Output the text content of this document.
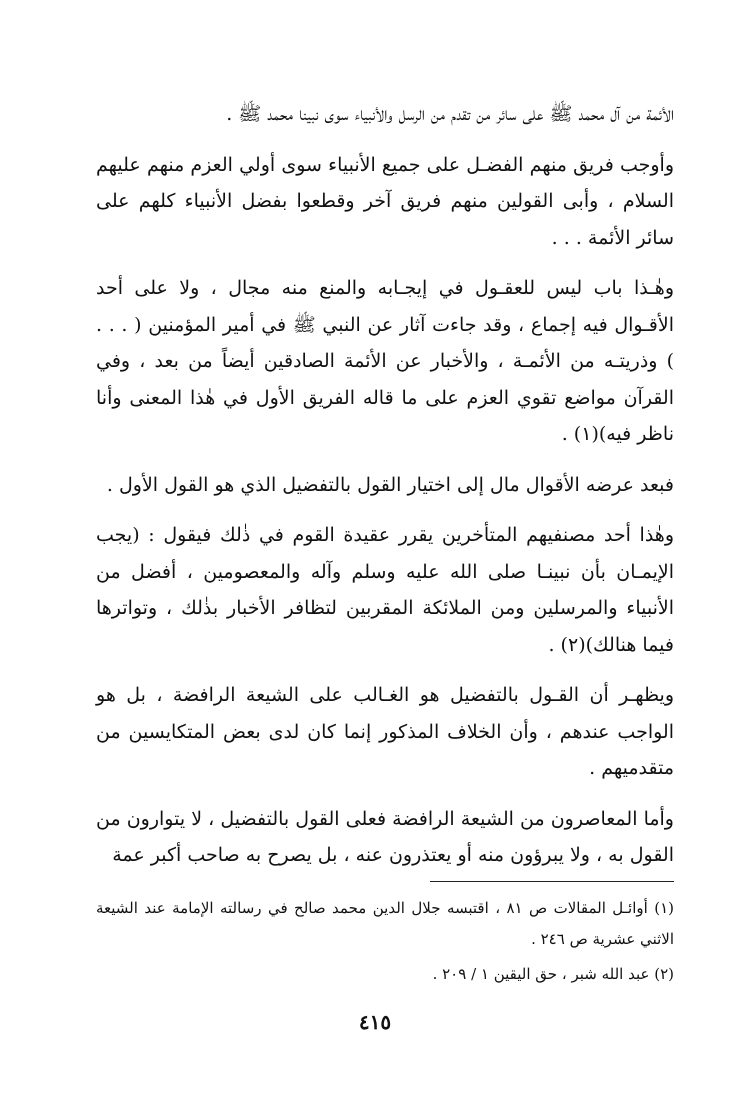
الأئمة من آل محمد ﷺ على سائر من تقدم من الرسل والأنبياء سوى نبينا محمد ﷺ .

وأوجب فريق منهم الفضـل على جميع الأنبياء سوى أولي العزم منهم عليهم السلام ، وأبى القولين منهم فريق آخر وقطعوا بفضل الأنبياء كلهم على سائر الأئمة . . .

وهٰـذا باب ليس للعقـول في إيجـابه والمنع منه مجال ، ولا على أحد الأقـوال فيه إجماع ، وقد جاءت آثار عن النبي ﷺ في أمير المؤمنين ( . . . ) وذريتـه من الأئمـة ، والأخبار عن الأئمة الصادقين أيضاً من بعد ، وفي القرآن مواضع تقوي العزم على ما قاله الفريق الأول في هٰذا المعنى وأنا ناظر فيه)(١) .

فبعد عرضه الأقوال مال إلى اختيار القول بالتفضيل الذي هو القول الأول .

وهٰذا أحد مصنفيهم المتأخرين يقرر عقيدة القوم في ذٰلك فيقول : (يجب الإيمـان بأن نبينـا صلى الله عليه وسلم وآله والمعصومين ، أفضل من الأنبياء والمرسلين ومن الملائكة المقربين لتظافر الأخبار بذٰلك ، وتواترها فيما هنالك)(٢) .

ويظهـر أن القـول بالتفضيل هو الغـالب على الشيعة الرافضة ، بل هو الواجب عندهم ، وأن الخلاف المذكور إنما كان لدى بعض المتكايسين من متقدميهم .

وأما المعاصرون من الشيعة الرافضة فعلى القول بالتفضيل ، لا يتوارون من القول به ، ولا يبرؤون منه أو يعتذرون عنه ، بل يصرح به صاحب أكبر عمة

(١) أوائـل المقالات ص ٨١ ، اقتبسه جلال الدين محمد صالح في رسالته الإمامة عند الشيعة الاثني عشرية ص ٢٤٦ .

(٢) عبد الله شبر ، حق اليقين ١ / ٢٠٩ .

٤١٥
